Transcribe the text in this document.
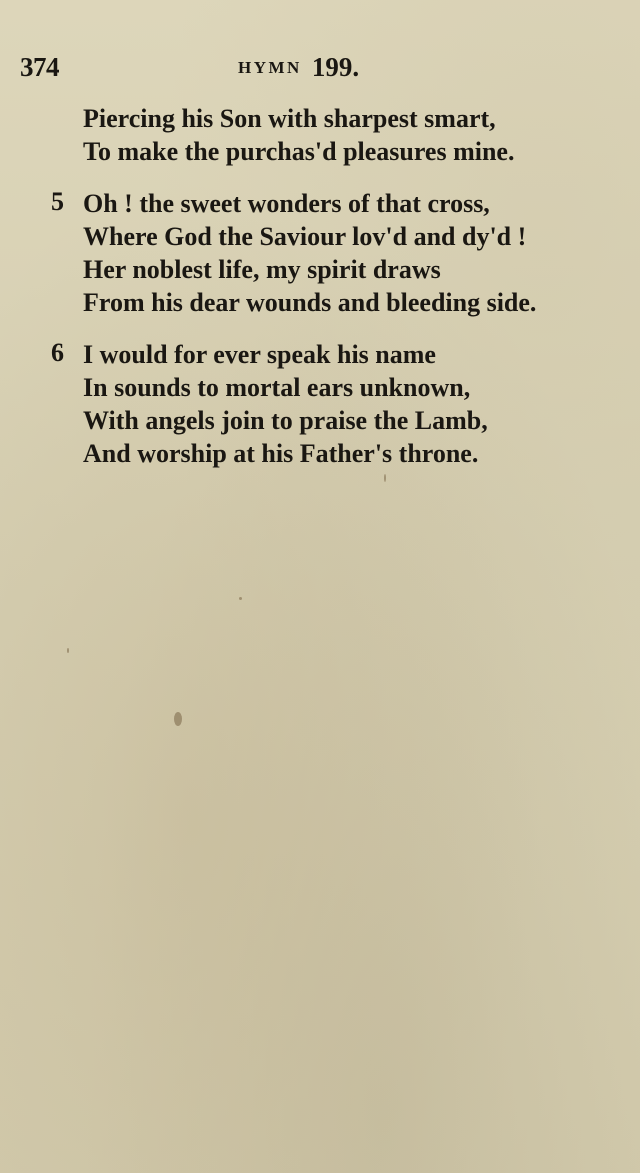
374	HYMN 199.
Piercing his Son with sharpest smart,
To make the purchas'd pleasures mine.
5 Oh ! the sweet wonders of that cross,
Where God the Saviour lov'd and dy'd !
Her noblest life, my spirit draws
From his dear wounds and bleeding side.
6 I would for ever speak his name
In sounds to mortal ears unknown,
With angels join to praise the Lamb,
And worship at his Father's throne.
